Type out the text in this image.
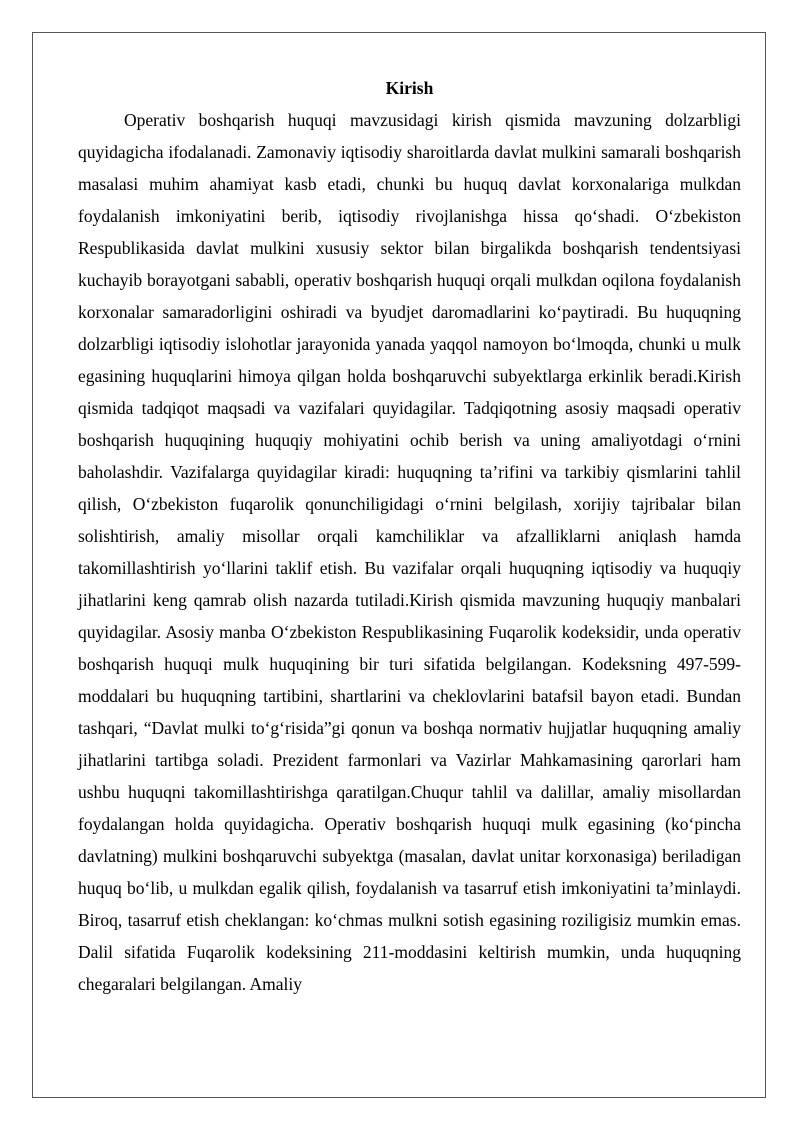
Kirish

Operativ boshqarish huquqi mavzusidagi kirish qismida mavzuning dolzarbligi quyidagicha ifodalanadi. Zamonaviy iqtisodiy sharoitlarda davlat mulkini samarali boshqarish masalasi muhim ahamiyat kasb etadi, chunki bu huquq davlat korxonalariga mulkdan foydalanish imkoniyatini berib, iqtisodiy rivojlanishga hissa qo‘shadi. O‘zbekiston Respublikasida davlat mulkini xususiy sektor bilan birgalikda boshqarish tendentsiyasi kuchayib borayotgani sababli, operativ boshqarish huquqi orqali mulkdan oqilona foydalanish korxonalar samaradorligini oshiradi va byudjet daromadlarini ko‘paytiradi. Bu huquqning dolzarbligi iqtisodiy islohotlar jarayonida yanada yaqqol namoyon bo‘lmoqda, chunki u mulk egasining huquqlarini himoya qilgan holda boshqaruvchi subyektlarga erkinlik beradi.Kirish qismida tadqiqot maqsadi va vazifalari quyidagilar. Tadqiqotning asosiy maqsadi operativ boshqarish huquqining huquqiy mohiyatini ochib berish va uning amaliyotdagi o‘rnini baholashdir. Vazifalarga quyidagilar kiradi: huquqning ta’rifini va tarkibiy qismlarini tahlil qilish, O‘zbekiston fuqarolik qonunchiligidagi o‘rnini belgilash, xorijiy tajribalar bilan solishtirish, amaliy misollar orqali kamchiliklar va afzalliklarni aniqlash hamda takomillashtirish yo‘llarini taklif etish. Bu vazifalar orqali huquqning iqtisodiy va huquqiy jihatlarini keng qamrab olish nazarda tutiladi.Kirish qismida mavzuning huquqiy manbalari quyidagilar. Asosiy manba O‘zbekiston Respublikasining Fuqarolik kodeksidir, unda operativ boshqarish huquqi mulk huquqining bir turi sifatida belgilangan. Kodeksning 497-599-moddalari bu huquqning tartibini, shartlarini va cheklovlarini batafsil bayon etadi. Bundan tashqari, “Davlat mulki to‘g‘risida”gi qonun va boshqa normativ hujjatlar huquqning amaliy jihatlarini tartibga soladi. Prezident farmonlari va Vazirlar Mahkamasining qarorlari ham ushbu huquqni takomillashtirishga qaratilgan.Chuqur tahlil va dalillar, amaliy misollardan foydalangan holda quyidagicha. Operativ boshqarish huquqi mulk egasining (ko‘pincha davlatning) mulkini boshqaruvchi subyektga (masalan, davlat unitar korxonasiga) beriladigan huquq bo‘lib, u mulkdan egalik qilish, foydalanish va tasarruf etish imkoniyatini ta’minlaydi. Biroq, tasarruf etish cheklangan: ko‘chmas mulkni sotish egasining roziligisiz mumkin emas. Dalil sifatida Fuqarolik kodeksining 211-moddasini keltirish mumkin, unda huquqning chegaralari belgilangan. Amaliy
